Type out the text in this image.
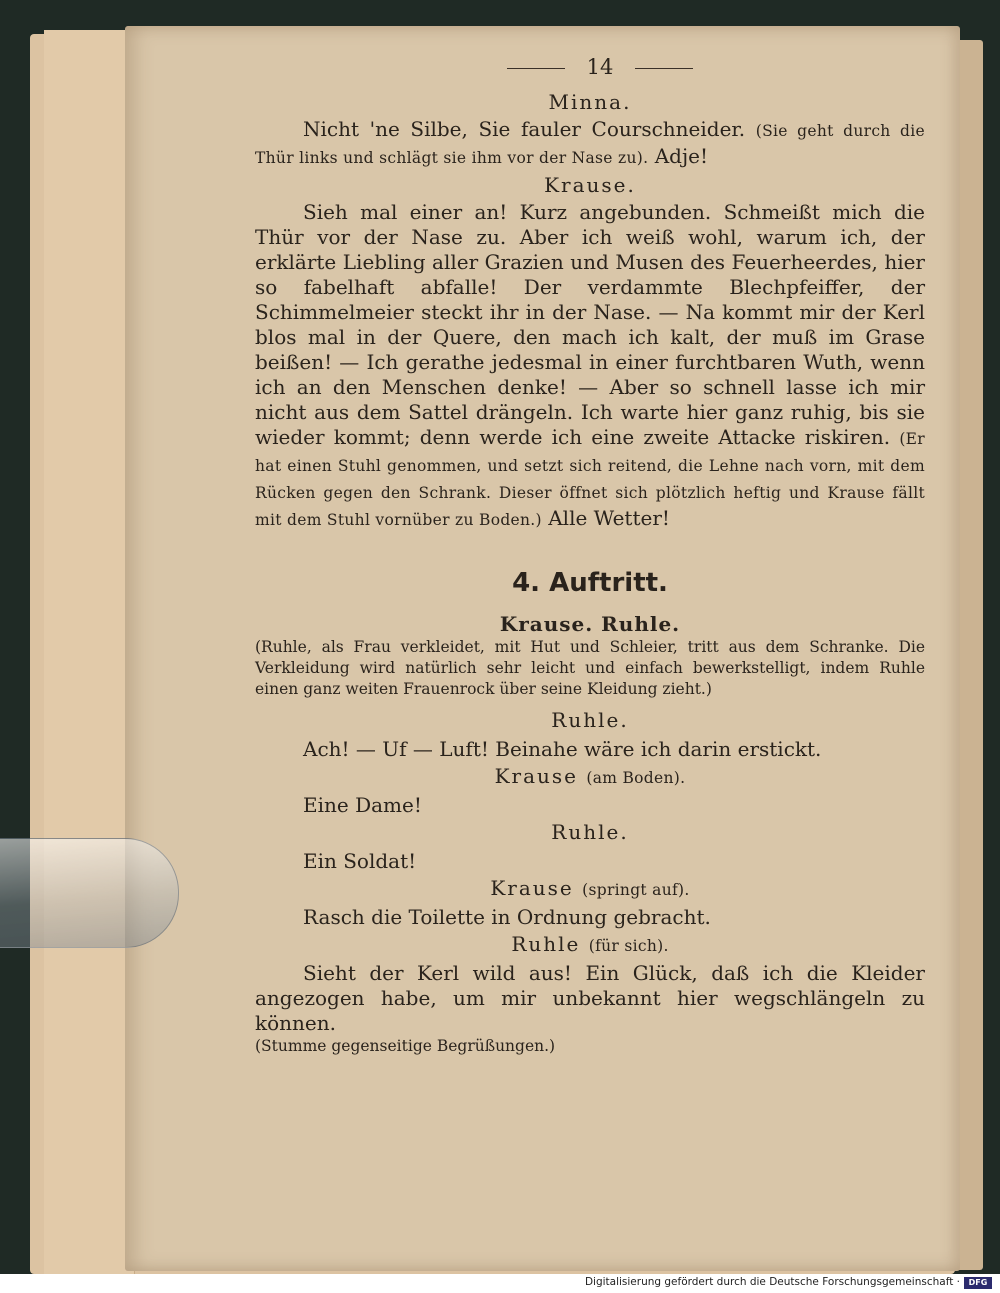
14
Minna.

Nicht 'ne Silbe, Sie fauler Courschneider. (Sie geht durch die Thür links und schlägt sie ihm vor der Nase zu). Adje!

Krause.

Sieh mal einer an! Kurz angebunden. Schmeißt mich die Thür vor der Nase zu. Aber ich weiß wohl, warum ich, der erklärte Liebling aller Grazien und Musen des Feuerheerdes, hier so fabelhaft abfalle! Der verdammte Blechpfeiffer, der Schimmelmeier steckt ihr in der Nase. — Na kommt mir der Kerl blos mal in der Quere, den mach ich kalt, der muß im Grase beißen! — Ich gerathe jedesmal in einer furchtbaren Wuth, wenn ich an den Menschen denke! — Aber so schnell lasse ich mir nicht aus dem Sattel drängeln. Ich warte hier ganz ruhig, bis sie wieder kommt; denn werde ich eine zweite Attacke riskiren. (Er hat einen Stuhl genommen, und setzt sich reitend, die Lehne nach vorn, mit dem Rücken gegen den Schrank. Dieser öffnet sich plötzlich heftig und Krause fällt mit dem Stuhl vornüber zu Boden.) Alle Wetter!

4. Auftritt.
Krause. Ruhle.

(Ruhle, als Frau verkleidet, mit Hut und Schleier, tritt aus dem Schranke. Die Verkleidung wird natürlich sehr leicht und einfach bewerkstelligt, indem Ruhle einen ganz weiten Frauenrock über seine Kleidung zieht.)

Ruhle.

Ach! — Uf — Luft! Beinahe wäre ich darin erstickt.

Krause (am Boden).

Eine Dame!

Ruhle.

Ein Soldat!

Krause (springt auf).

Rasch die Toilette in Ordnung gebracht.

Ruhle (für sich).

Sieht der Kerl wild aus! Ein Glück, daß ich die Kleider angezogen habe, um mir unbekannt hier wegschlängeln zu können.

(Stumme gegenseitige Begrüßungen.)

Digitalisierung gefördert durch die Deutsche Forschungsgemeinschaft ·	DFG
